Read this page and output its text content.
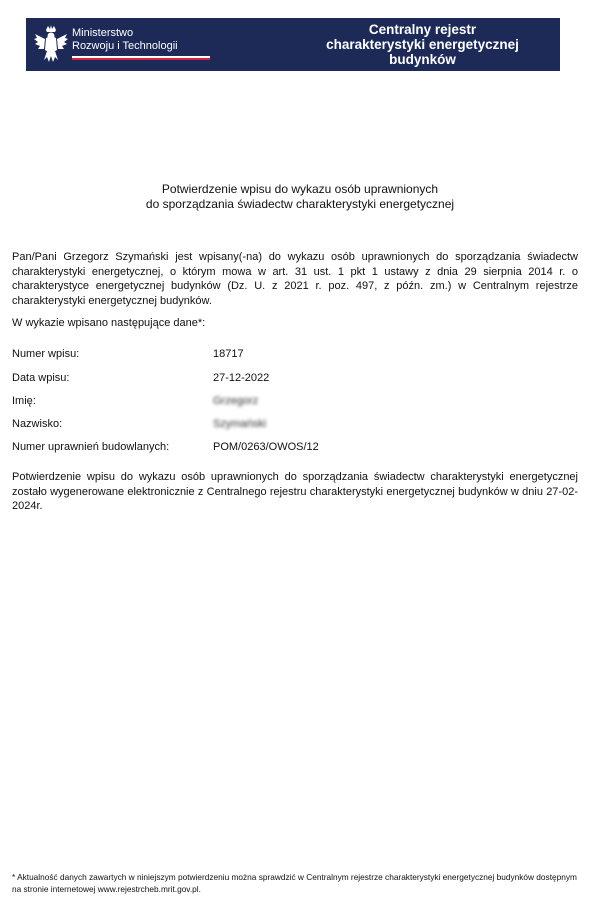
Ministerstwo
Rozwoju i Technologii
Centralny rejestr
charakterystyki energetycznej
budynków
Potwierdzenie wpisu do wykazu osób uprawnionych
do sporządzania świadectw charakterystyki energetycznej
Pan/Pani Grzegorz Szymański jest wpisany(-na) do wykazu osób uprawnionych do sporządzania świadectw charakterystyki energetycznej, o którym mowa w art. 31 ust. 1 pkt 1 ustawy z dnia 29 sierpnia 2014 r. o charakterystyce energetycznej budynków (Dz. U. z 2021 r. poz. 497, z późn. zm.) w Centralnym rejestrze charakterystyki energetycznej budynków.
W wykazie wpisano następujące dane*:
Numer wpisu:	18717
Data wpisu:	27-12-2022
Imię:	Grzegorz
Nazwisko:	Szymański
Numer uprawnień budowlanych:	POM/0263/OWOS/12
Potwierdzenie wpisu do wykazu osób uprawnionych do sporządzania świadectw charakterystyki energetycznej zostało wygenerowane elektronicznie z Centralnego rejestru charakterystyki energetycznej budynków w dniu 27-02-2024r.
* Aktualność danych zawartych w niniejszym potwierdzeniu można sprawdzić w Centralnym rejestrze charakterystyki energetycznej budynków dostępnym na stronie internetowej www.rejestrcheb.mrit.gov.pl.
